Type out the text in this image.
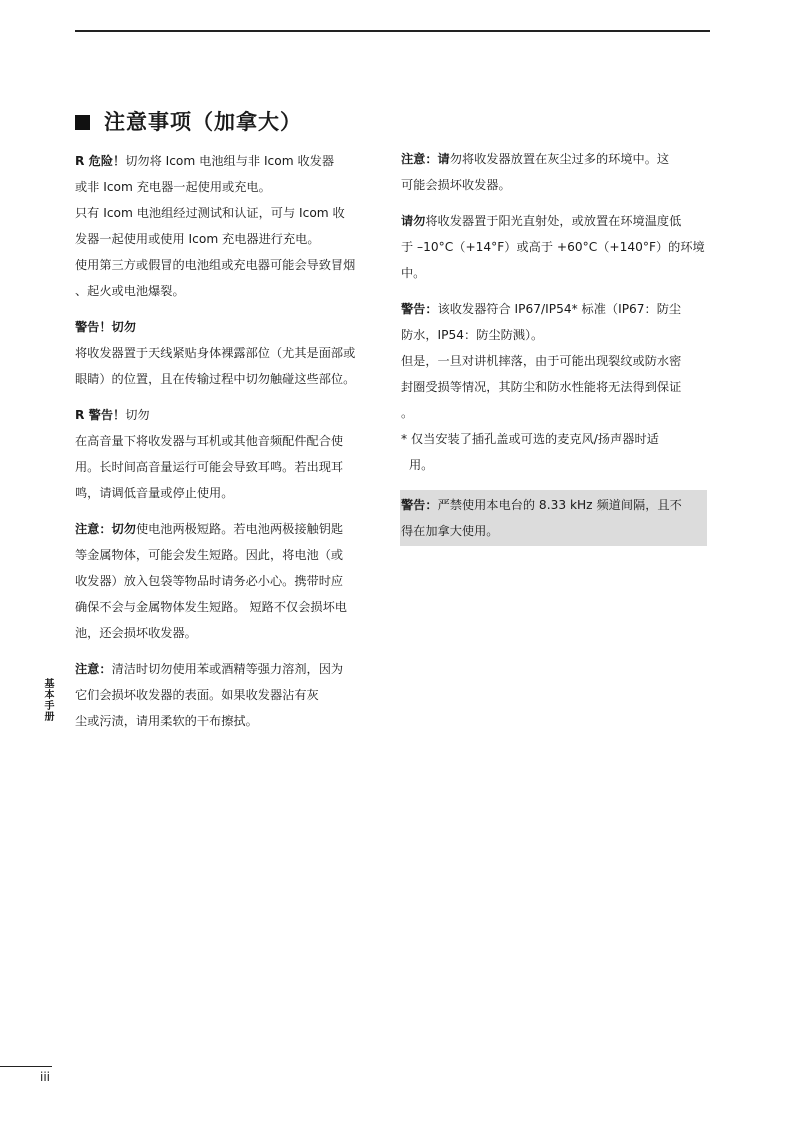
注意事项（加拿大）
R 危险！切勿将 Icom 电池组与非 Icom 收发器
或非 Icom 充电器一起使用或充电。
只有 Icom 电池组经过测试和认证，可与 Icom 收
发器一起使用或使用 Icom 充电器进行充电。
使用第三方或假冒的电池组或充电器可能会导致冒烟
、起火或电池爆裂。
警告！切勿
将收发器置于天线紧贴身体裸露部位（尤其是面部或
眼睛）的位置，且在传输过程中切勿触碰这些部位。
R 警告！切勿
在高音量下将收发器与耳机或其他音频配件配合使
用。长时间高音量运行可能会导致耳鸣。若出现耳
鸣，请调低音量或停止使用。
注意：切勿使电池两极短路。若电池两极接触钥匙
等金属物体，可能会发生短路。因此，将电池（或
收发器）放入包袋等物品时请务必小心。携带时应
确保不会与金属物体发生短路。 短路不仅会损坏电
池，还会损坏收发器。
注意：清洁时切勿使用苯或酒精等强力溶剂，因为
它们会损坏收发器的表面。如果收发器沾有灰
尘或污渍，请用柔软的干布擦拭。
注意：请勿将收发器放置在灰尘过多的环境中。这
可能会损坏收发器。
请勿将收发器置于阳光直射处，或放置在环境温度低
于 –10°C（+14°F）或高于 +60°C（+140°F）的环境
中。
警告：该收发器符合 IP67/IP54* 标准（IP67：防尘
防水，IP54：防尘防溅）。
但是，一旦对讲机摔落，由于可能出现裂纹或防水密
封圈受损等情况，其防尘和防水性能将无法得到保证
。
* 仅当安装了插孔盖或可选的麦克风/扬声器时适
用。
警告：严禁使用本电台的 8.33 kHz 频道间隔，且不
得在加拿大使用。
基本手册
iii
